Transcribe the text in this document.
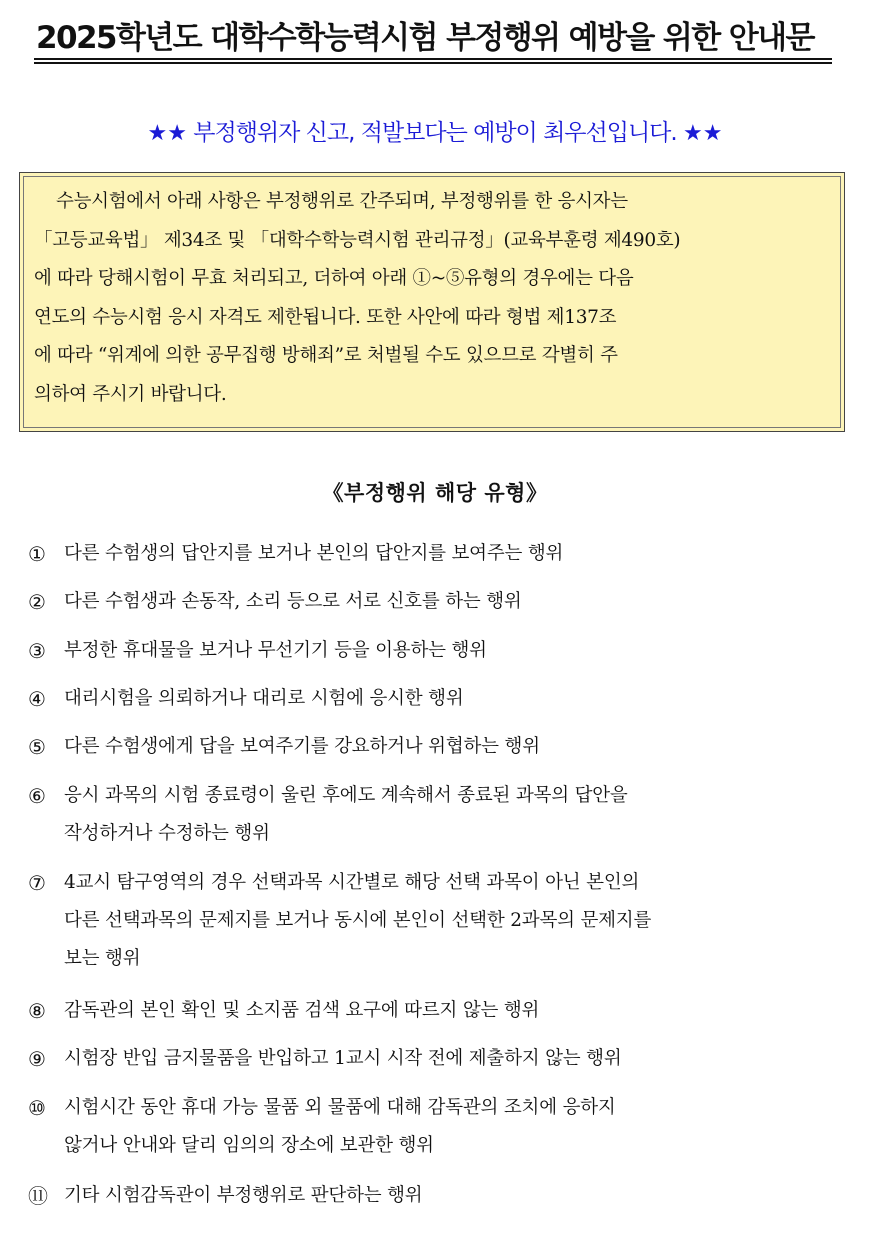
2025학년도 대학수학능력시험 부정행위 예방을 위한 안내문
★★ 부정행위자 신고, 적발보다는 예방이 최우선입니다. ★★
수능시험에서 아래 사항은 부정행위로 간주되며, 부정행위를 한 응시자는
「고등교육법」 제34조 및 「대학수학능력시험 관리규정」(교육부훈령 제490호)
에 따라 당해시험이 무효 처리되고, 더하여 아래 ①~⑤유형의 경우에는 다음
연도의 수능시험 응시 자격도 제한됩니다. 또한 사안에 따라 형법 제137조
에 따라 “위계에 의한 공무집행 방해죄”로 처벌될 수도 있으므로 각별히 주
의하여 주시기 바랍니다.
《부정행위 해당 유형》
① 다른 수험생의 답안지를 보거나 본인의 답안지를 보여주는 행위
② 다른 수험생과 손동작, 소리 등으로 서로 신호를 하는 행위
③ 부정한 휴대물을 보거나 무선기기 등을 이용하는 행위
④ 대리시험을 의뢰하거나 대리로 시험에 응시한 행위
⑤ 다른 수험생에게 답을 보여주기를 강요하거나 위협하는 행위
⑥ 응시 과목의 시험 종료령이 울린 후에도 계속해서 종료된 과목의 답안을
작성하거나 수정하는 행위
⑦ 4교시 탐구영역의 경우 선택과목 시간별로 해당 선택 과목이 아닌 본인의
다른 선택과목의 문제지를 보거나 동시에 본인이 선택한 2과목의 문제지를
보는 행위
⑧ 감독관의 본인 확인 및 소지품 검색 요구에 따르지 않는 행위
⑨ 시험장 반입 금지물품을 반입하고 1교시 시작 전에 제출하지 않는 행위
⑩ 시험시간 동안 휴대 가능 물품 외 물품에 대해 감독관의 조치에 응하지
않거나 안내와 달리 임의의 장소에 보관한 행위
⑪ 기타 시험감독관이 부정행위로 판단하는 행위
